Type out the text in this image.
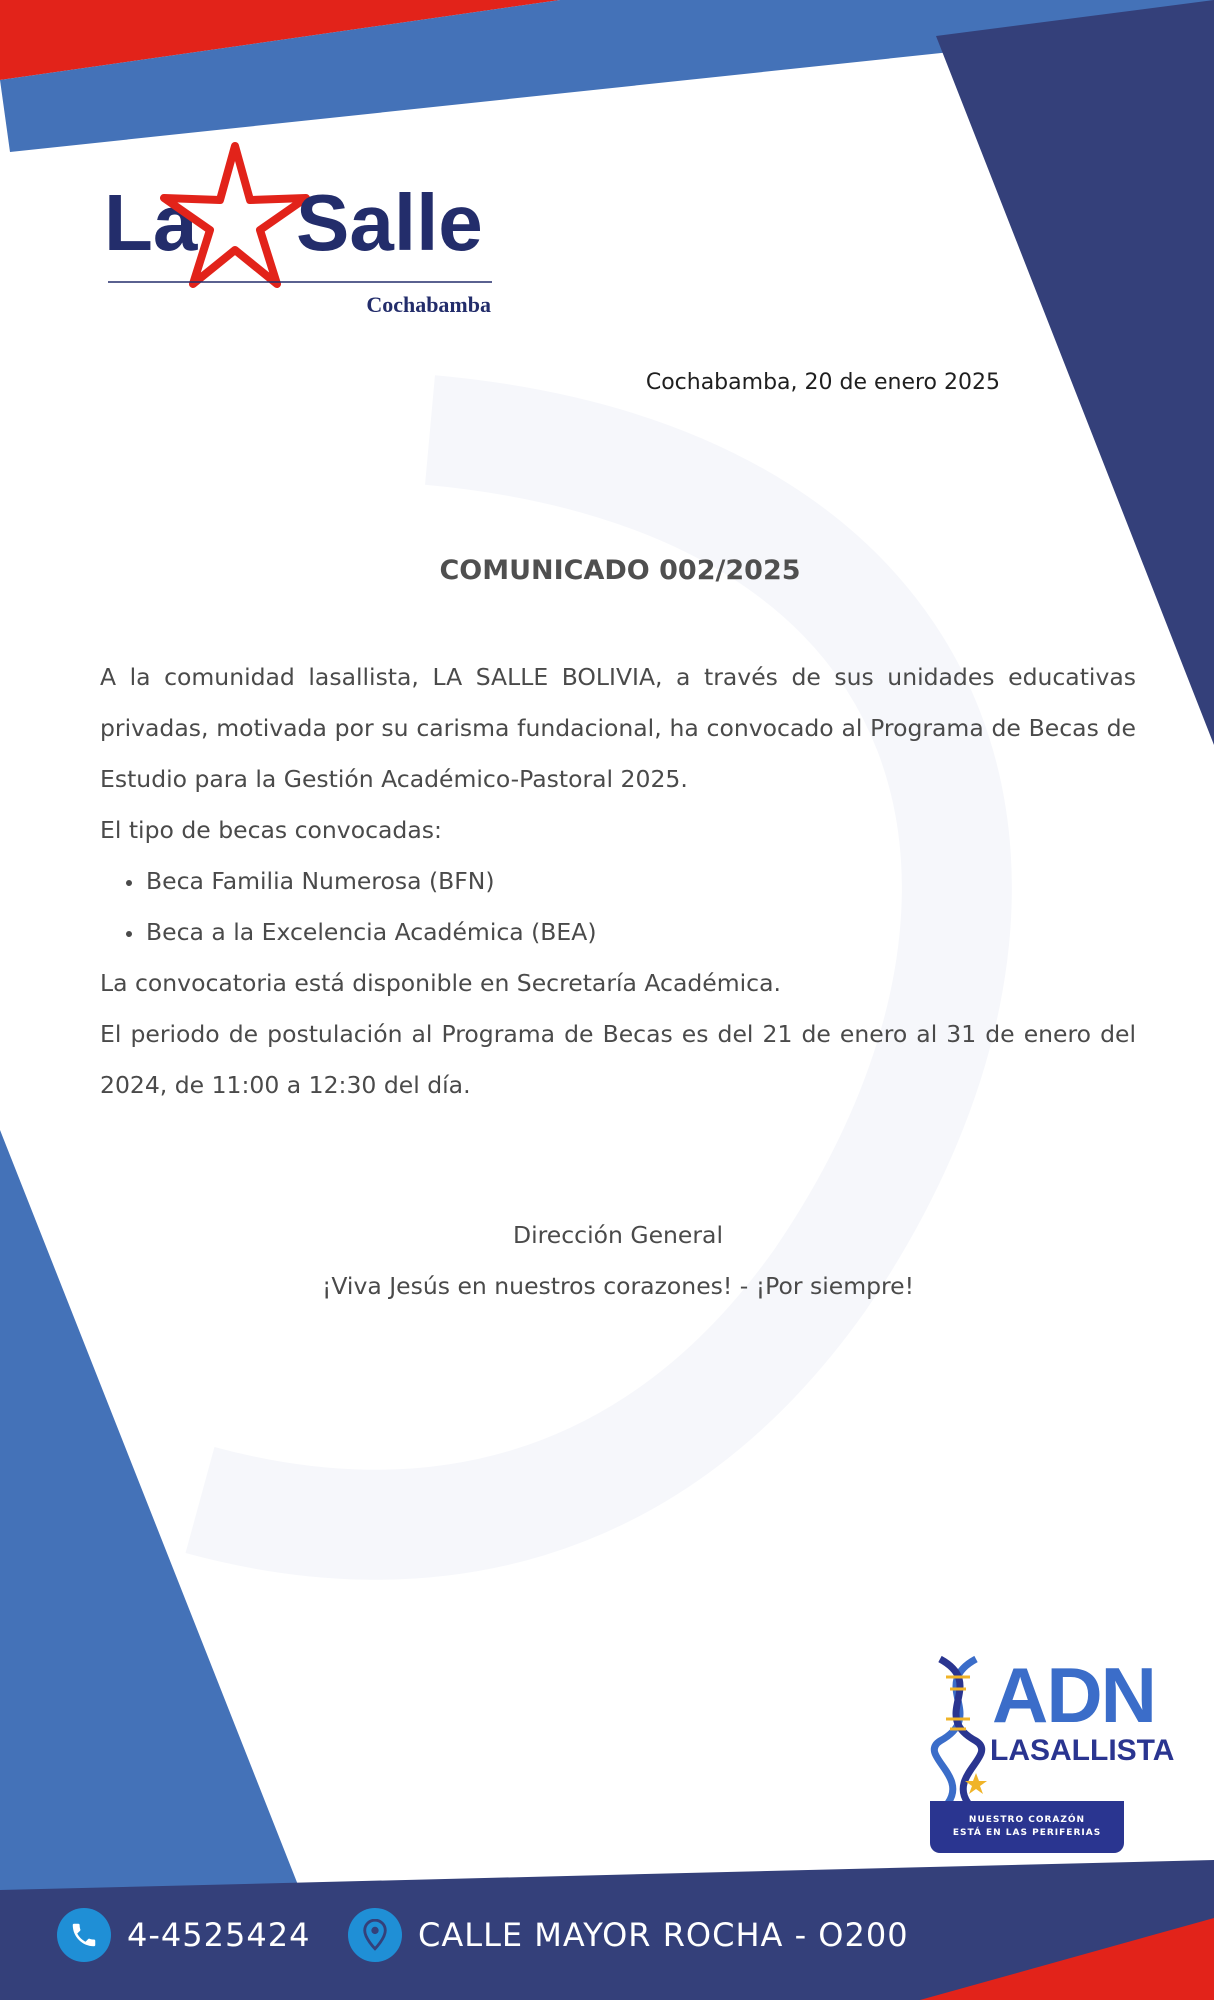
La Salle
Cochabamba
Cochabamba, 20 de enero 2025
COMUNICADO 002/2025

A la comunidad lasallista, LA SALLE BOLIVIA, a través de sus unidades educativas privadas, motivada por su carisma fundacional, ha convocado al Programa de Becas de Estudio para la Gestión Académico-Pastoral 2025.

El tipo de becas convocadas:

Beca Familia Numerosa (BFN)
Beca a la Excelencia Académica (BEA)

La convocatoria está disponible en Secretaría Académica.

El periodo de postulación al Programa de Becas es del 21 de enero al 31 de enero del 2024, de 11:00 a 12:30 del día.

Dirección General
¡Viva Jesús en nuestros corazones! - ¡Por siempre!
ADN
LASALLISTA
NUESTRO CORAZÓN
ESTÁ EN LAS PERIFERIAS
4-4525424	CALLE MAYOR ROCHA - O200
